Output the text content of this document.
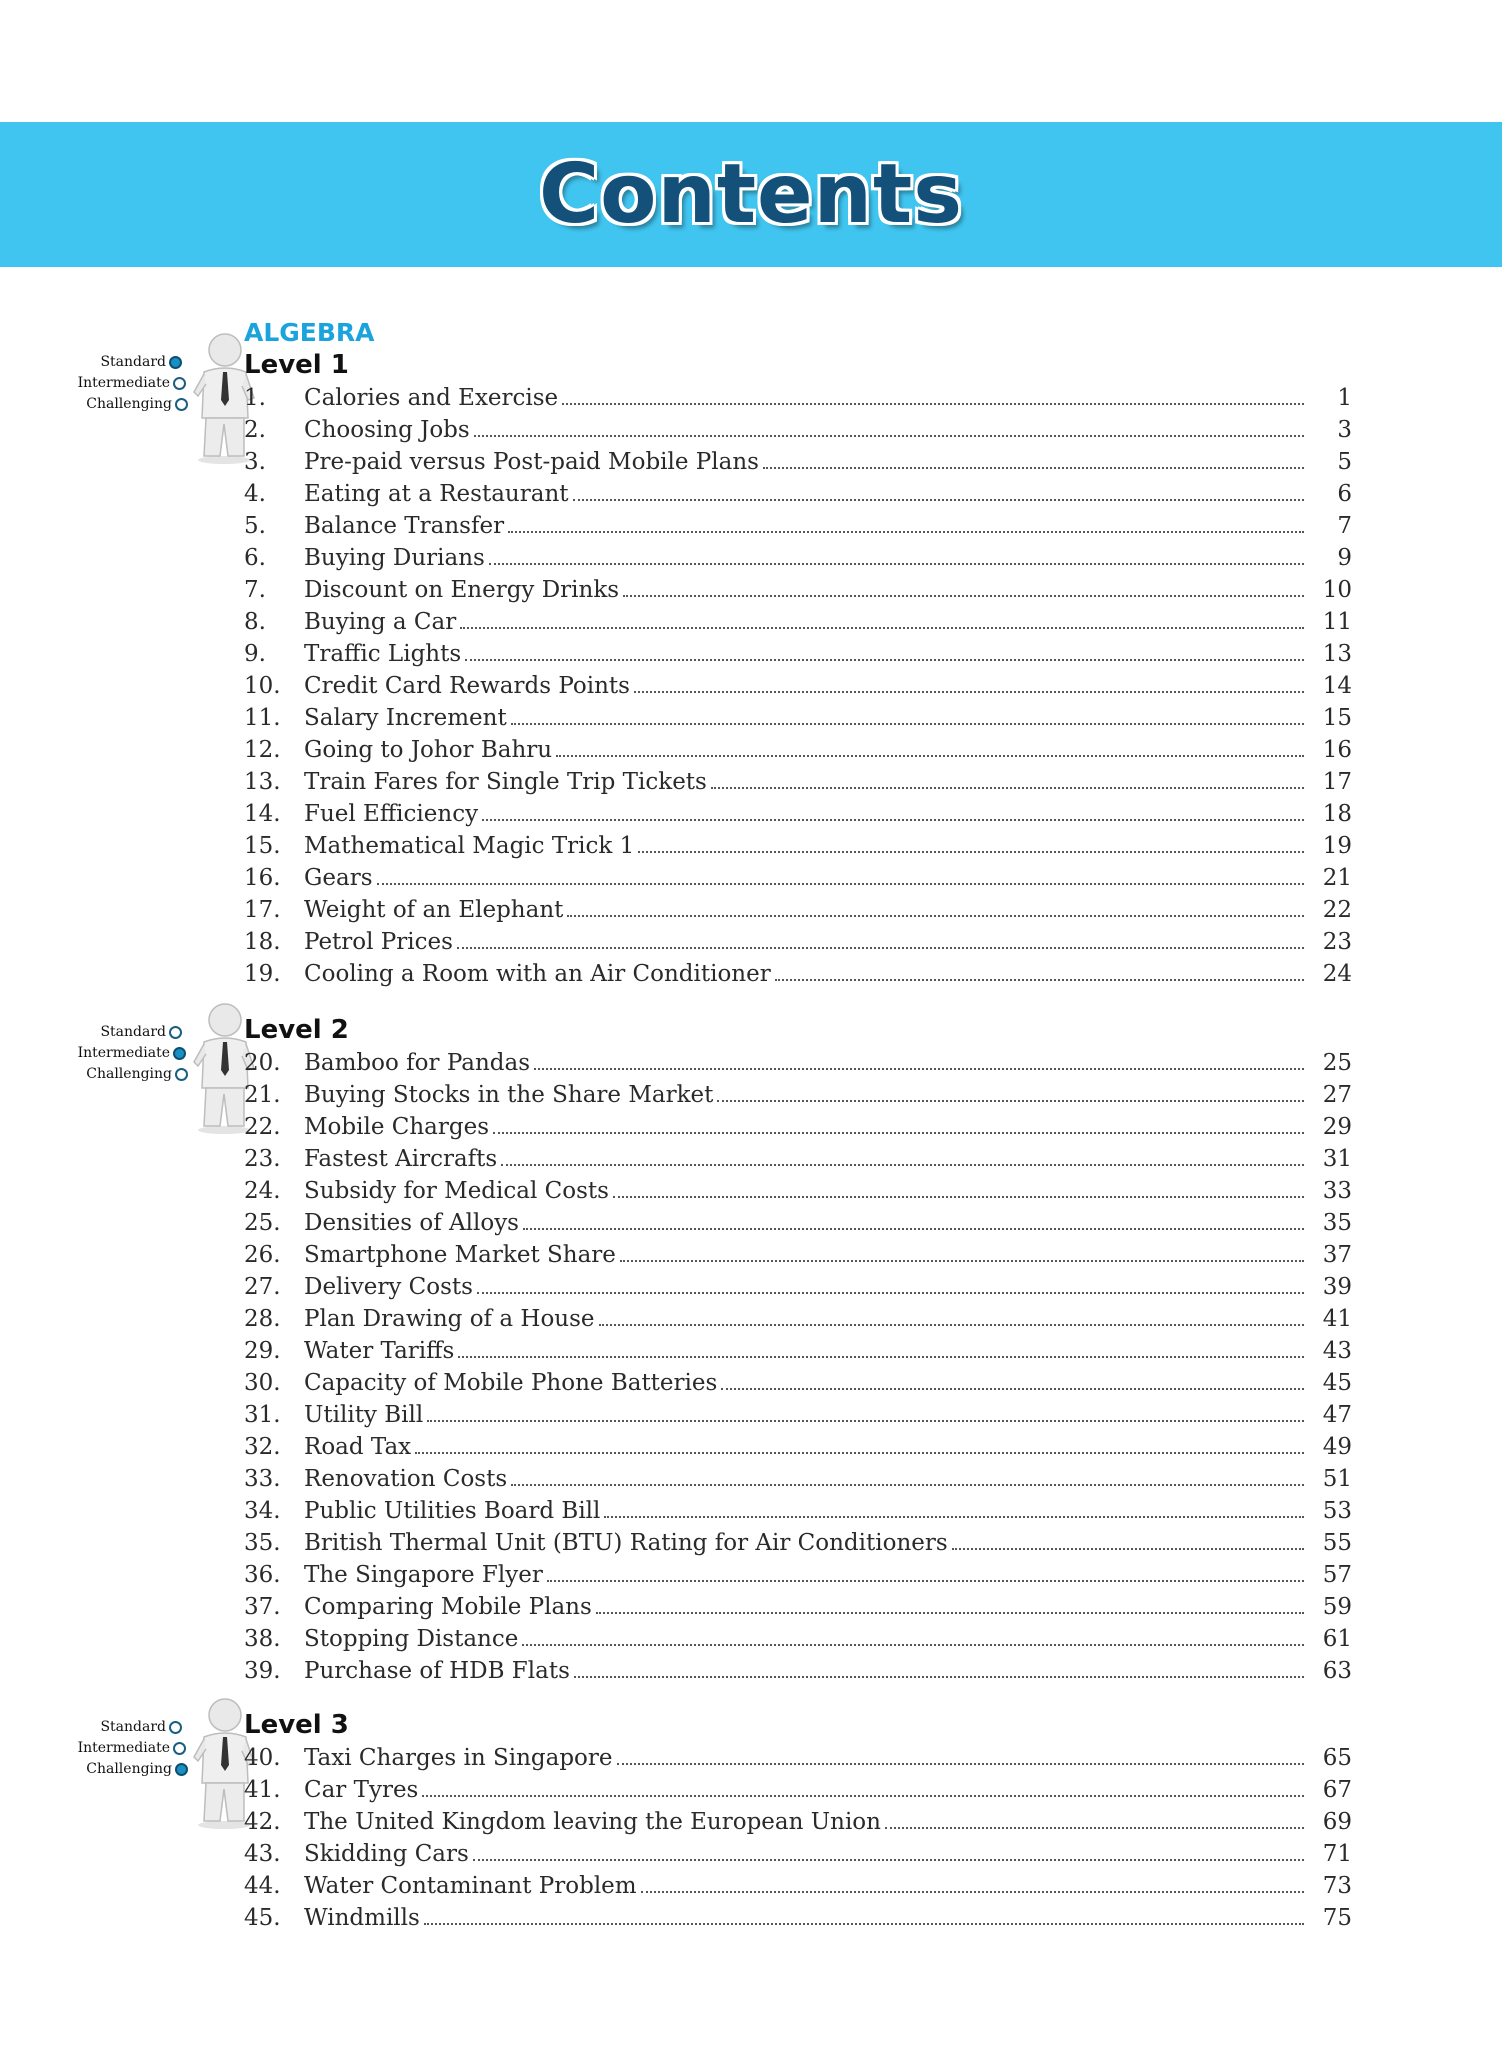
Contents
ALGEBRA
Standard
Intermediate
Challenging
Level 1
1.	Calories and Exercise	1
2.	Choosing Jobs	3
3.	Pre-paid versus Post-paid Mobile Plans	5
4.	Eating at a Restaurant	6
5.	Balance Transfer	7
6.	Buying Durians	9
7.	Discount on Energy Drinks	10
8.	Buying a Car	11
9.	Traffic Lights	13
10.	Credit Card Rewards Points	14
11.	Salary Increment	15
12.	Going to Johor Bahru	16
13.	Train Fares for Single Trip Tickets	17
14.	Fuel Efficiency	18
15.	Mathematical Magic Trick 1	19
16.	Gears	21
17.	Weight of an Elephant	22
18.	Petrol Prices	23
19.	Cooling a Room with an Air Conditioner	24
Standard
Intermediate
Challenging
Level 2
20.	Bamboo for Pandas	25
21.	Buying Stocks in the Share Market	27
22.	Mobile Charges	29
23.	Fastest Aircrafts	31
24.	Subsidy for Medical Costs	33
25.	Densities of Alloys	35
26.	Smartphone Market Share	37
27.	Delivery Costs	39
28.	Plan Drawing of a House	41
29.	Water Tariffs	43
30.	Capacity of Mobile Phone Batteries	45
31.	Utility Bill	47
32.	Road Tax	49
33.	Renovation Costs	51
34.	Public Utilities Board Bill	53
35.	British Thermal Unit (BTU) Rating for Air Conditioners	55
36.	The Singapore Flyer	57
37.	Comparing Mobile Plans	59
38.	Stopping Distance	61
39.	Purchase of HDB Flats	63
Standard
Intermediate
Challenging
Level 3
40.	Taxi Charges in Singapore	65
41.	Car Tyres	67
42.	The United Kingdom leaving the European Union	69
43.	Skidding Cars	71
44.	Water Contaminant Problem	73
45.	Windmills	75
